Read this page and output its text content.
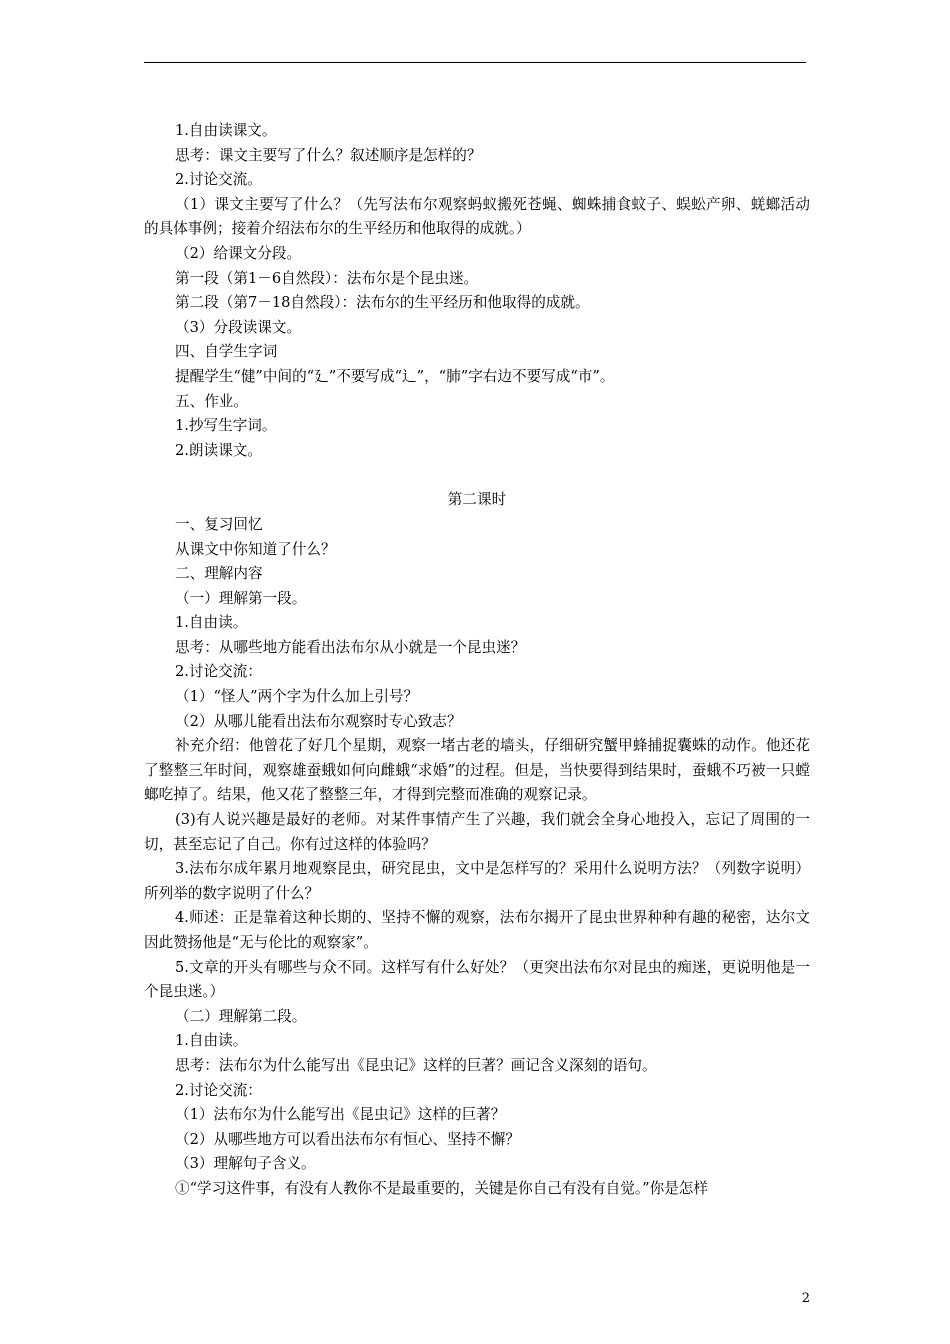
1.自由读课文。
思考：课文主要写了什么？叙述顺序是怎样的？
2.讨论交流。

（1）课文主要写了什么？（先写法布尔观察蚂蚁搬死苍蝇、蜘蛛捕食蚊子、蜈蚣产卵、蜣螂活动的具体事例；接着介绍法布尔的生平经历和他取得的成就。）

（2）给课文分段。
第一段（第1－6自然段）：法布尔是个昆虫迷。
第二段（第7－18自然段）：法布尔的生平经历和他取得的成就。
（3）分段读课文。
四、自学生字词
提醒学生“健”中间的“廴”不要写成“辶”，“肺”字右边不要写成“市”。
五、作业。
1.抄写生字词。
2.朗读课文。
第二课时
一、复习回忆
从课文中你知道了什么？
二、理解内容
（一）理解第一段。
1.自由读。
思考：从哪些地方能看出法布尔从小就是一个昆虫迷？
2.讨论交流：
（1）“怪人”两个字为什么加上引号？
（2）从哪儿能看出法布尔观察时专心致志？

补充介绍：他曾花了好几个星期，观察一堵古老的墙头，仔细研究蟹甲蜂捕捉囊蛛的动作。他还花了整整三年时间，观察雄蚕蛾如何向雌蛾“求婚”的过程。但是，当快要得到结果时，蚕蛾不巧被一只螳螂吃掉了。结果，他又花了整整三年，才得到完整而准确的观察记录。

(3)有人说兴趣是最好的老师。对某件事情产生了兴趣，我们就会全身心地投入，忘记了周围的一切，甚至忘记了自己。你有过这样的体验吗？

3.法布尔成年累月地观察昆虫，研究昆虫，文中是怎样写的？采用什么说明方法？（列数字说明）所列举的数字说明了什么？

4.师述：正是靠着这种长期的、坚持不懈的观察，法布尔揭开了昆虫世界种种有趣的秘密，达尔文因此赞扬他是“无与伦比的观察家”。

5.文章的开头有哪些与众不同。这样写有什么好处？（更突出法布尔对昆虫的痴迷，更说明他是一个昆虫迷。）

（二）理解第二段。
1.自由读。
思考：法布尔为什么能写出《昆虫记》这样的巨著？画记含义深刻的语句。
2.讨论交流：
（1）法布尔为什么能写出《昆虫记》这样的巨著？
（2）从哪些地方可以看出法布尔有恒心、坚持不懈？
（3）理解句子含义。
①“学习这件事，有没有人教你不是最重要的，关键是你自己有没有自觉。”你是怎样
2
